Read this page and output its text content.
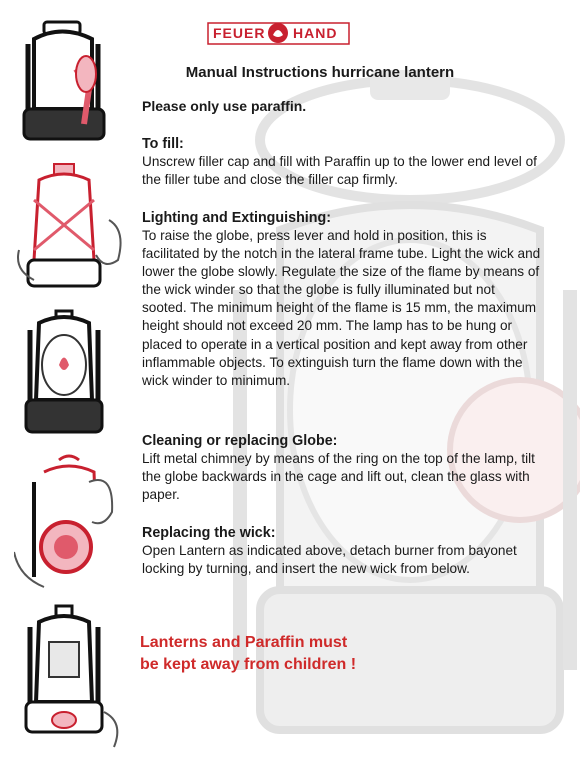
FEUER HAND
Manual Instructions hurricane lantern
Please only use paraffin.
To fill:

Unscrew filler cap and fill with Paraffin up to the lower end level of the filler tube and close the filler cap firmly.

Lighting and Extinguishing:

To raise the globe, press lever and hold in position, this is facilitated by the notch in the lateral frame tube. Light the wick and lower the globe slowly. Regulate the size of the flame by means of the wick winder so that the globe is fully illuminated but not sooted. The minimum height of the flame is 15 mm, the maximum height should not exceed 20 mm. The lamp has to be hung or placed to operate in a vertical position and kept away from other inflammable objects. To extinguish turn the flame down with the wick winder to minimum.

Cleaning or replacing Globe:

Lift metal chimney by means of the ring on the top of the lamp, tilt the globe backwards in the cage and lift out, clean the glass with paper.

Replacing the wick:

Open Lantern as indicated above, detach burner from bayonet locking by turning, and insert the new wick from below.

Lanterns and Paraffin must
be kept away from children !
